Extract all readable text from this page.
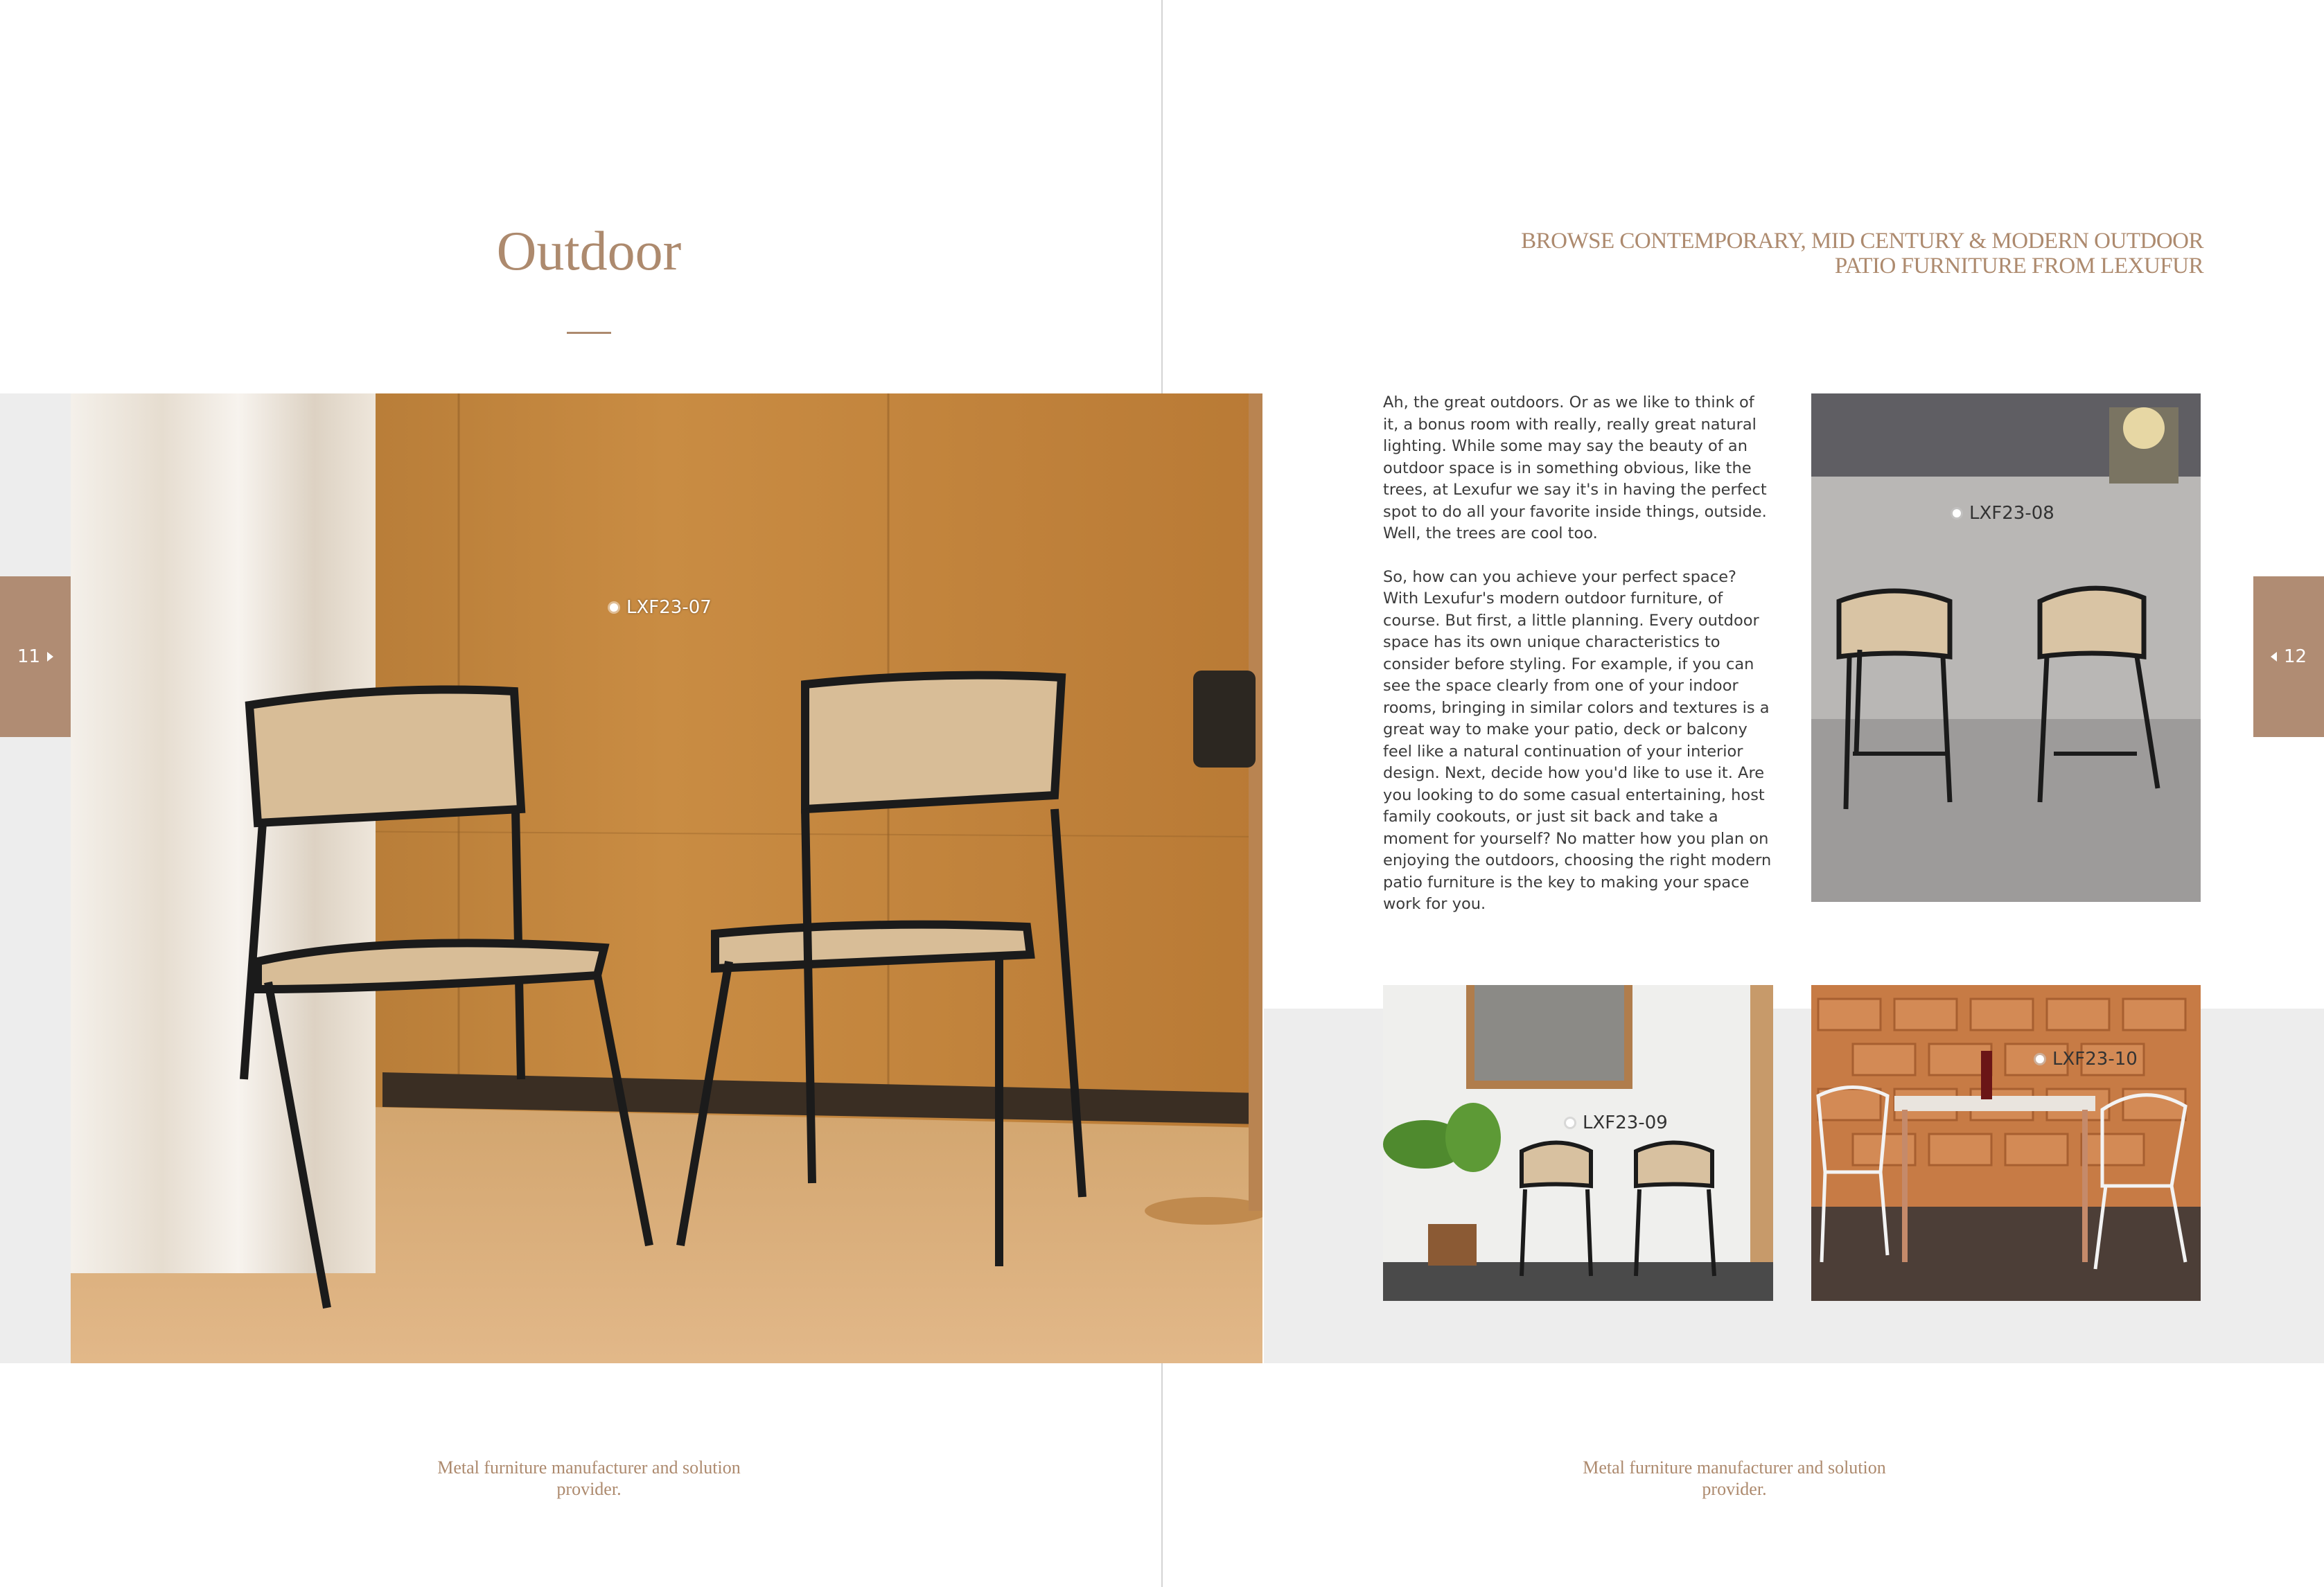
Outdoor
11
LXF23-07
Metal furniture manufacturer and solution provider.
BROWSE CONTEMPORARY, MID CENTURY & MODERN OUTDOOR
PATIO FURNITURE FROM LEXUFUR
12

Ah, the great outdoors. Or as we like to think of it, a bonus room with really, really great natural lighting. While some may say the beauty of an outdoor space is in something obvious, like the trees, at Lexufur we say it's in having the perfect spot to do all your favorite inside things, outside. Well, the trees are cool too.

So, how can you achieve your perfect space? With Lexufur's modern outdoor furniture, of course. But first, a little planning. Every outdoor space has its own unique characteristics to consider before styling. For example, if you can see the space clearly from one of your indoor rooms, bringing in similar colors and textures is a great way to make your patio, deck or balcony feel like a natural continuation of your interior design. Next, decide how you'd like to use it. Are you looking to do some casual entertaining, host family cookouts, or just sit back and take a moment for yourself? No matter how you plan on enjoying the outdoors, choosing the right modern patio furniture is the key to making your space work for you.

LXF23-08
LXF23-09
LXF23-10
Metal furniture manufacturer and solution provider.
